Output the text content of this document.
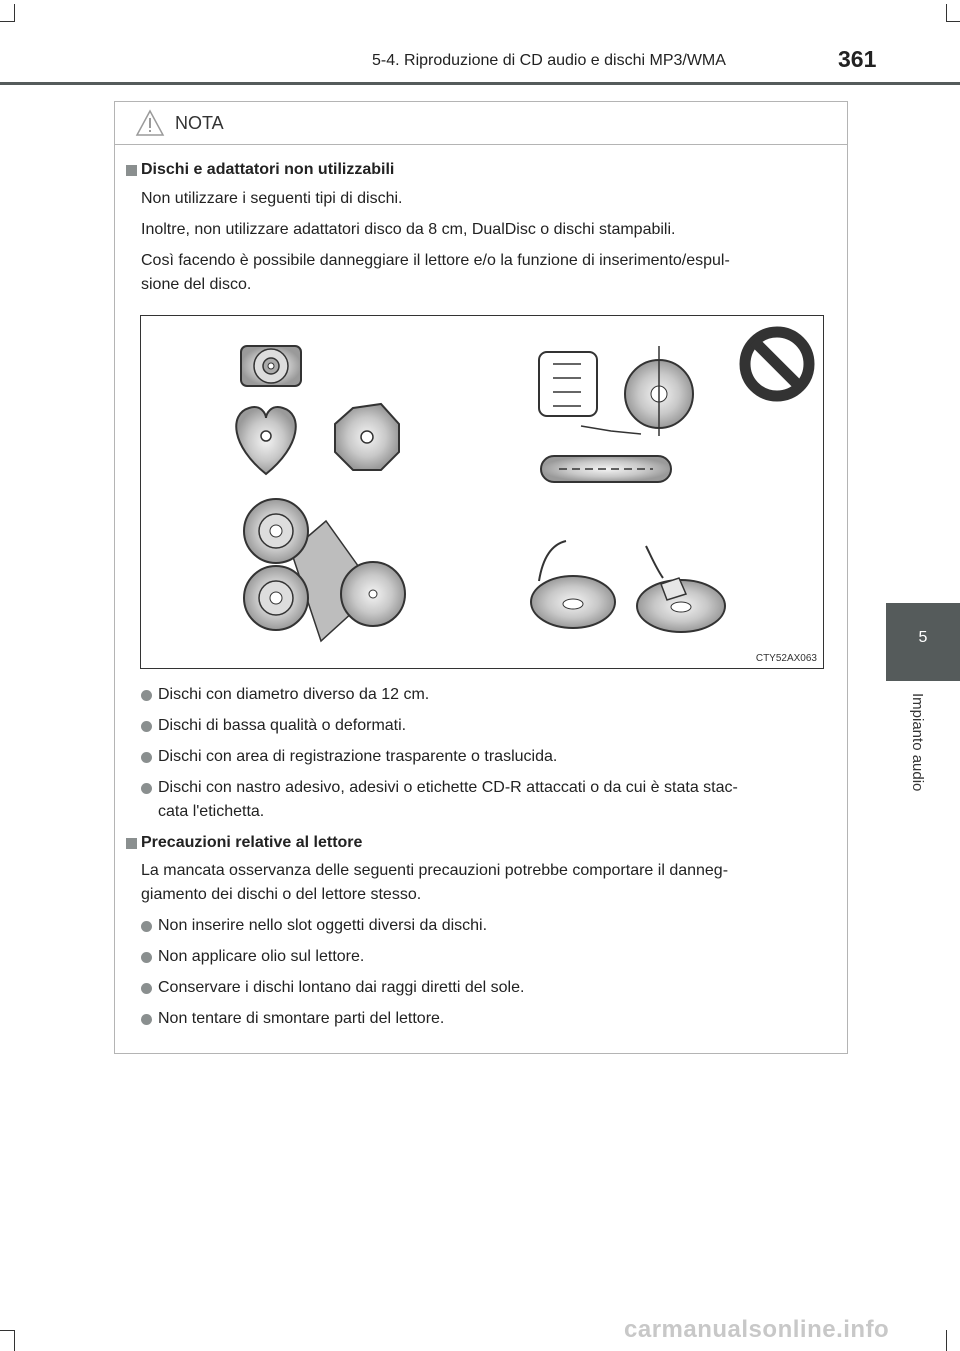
5-4. Riproduzione di CD audio e dischi MP3/WMA	361
5
Impianto audio
NOTA
Dischi e adattatori non utilizzabili
Non utilizzare i seguenti tipi di dischi.
Inoltre, non utilizzare adattatori disco da 8 cm, DualDisc o dischi stampabili.
Così facendo è possibile danneggiare il lettore e/o la funzione di inserimento/espul-
sione del disco.
CTY52AX063
Dischi con diametro diverso da 12 cm.
Dischi di bassa qualità o deformati.
Dischi con area di registrazione trasparente o traslucida.
Dischi con nastro adesivo, adesivi o etichette CD-R attaccati o da cui è stata stac-
cata l'etichetta.
Precauzioni relative al lettore
La mancata osservanza delle seguenti precauzioni potrebbe comportare il danneg-
giamento dei dischi o del lettore stesso.
Non inserire nello slot oggetti diversi da dischi.
Non applicare olio sul lettore.
Conservare i dischi lontano dai raggi diretti del sole.
Non tentare di smontare parti del lettore.
carmanualsonline.info
